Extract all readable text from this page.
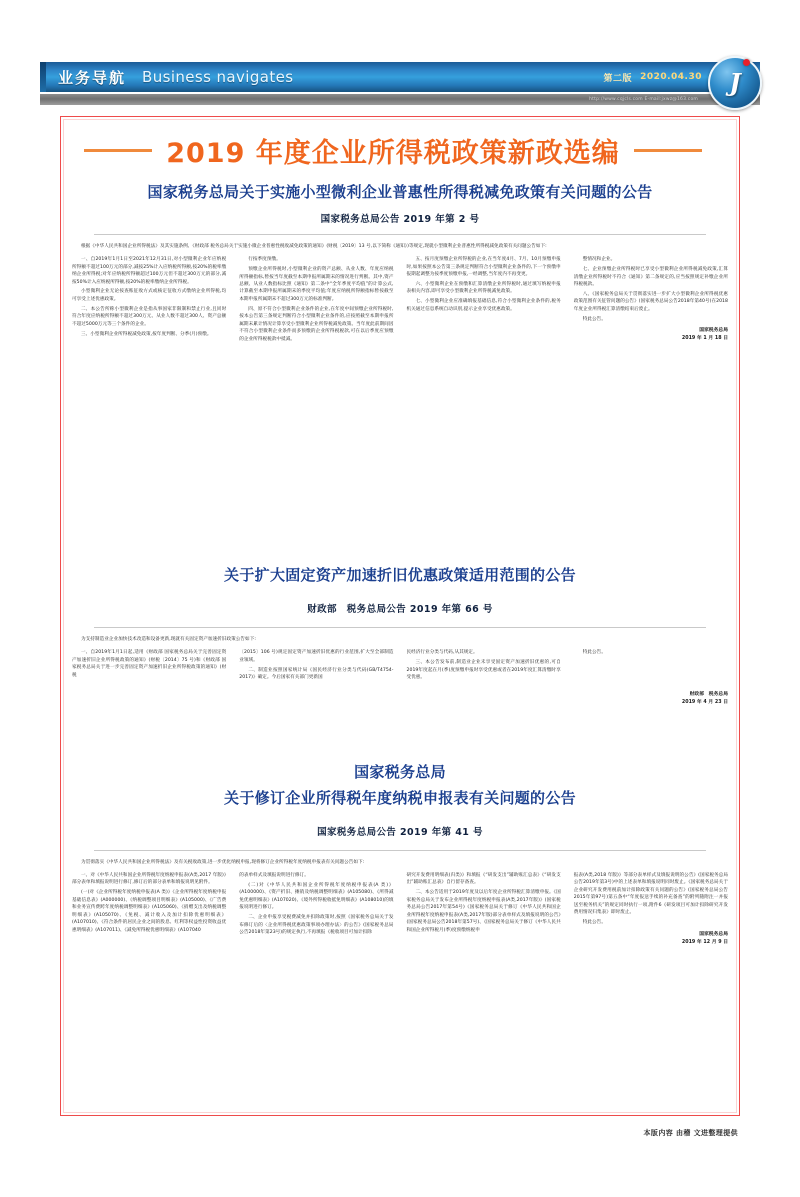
业务导航 Business navigates	第二版 2020.04.30
http://www.cqjcls.com E-mail:jxwz@163.com
J
2019 年度企业所得税政策新政选编
国家税务总局关于实施小型微利企业普惠性所得税减免政策有关问题的公告
国家税务总局公告 2019 年第 2 号

根据《中华人民共和国企业所得税法》及其实施条例、《财政部 税务总局关于实施小微企业普惠性税收减免政策的通知》(财税〔2019〕13 号,以下简称《通知》)等规定,现就小型微利企业普惠性所得税减免政策有关问题公告如下:

一、自2019年1月1日至2021年12月31日,对小型微利企业年应纳税所得额不超过100万元的部分,减按25%计入应纳税所得额,按20%的税率缴纳企业所得税;对年应纳税所得额超过100万元但不超过300万元的部分,减按50%计入应纳税所得额,按20%的税率缴纳企业所得税。

小型微利企业无论按查账征收方式或核定征收方式缴纳企业所得税,均可享受上述优惠政策。

二、本公告所称小型微利企业是指从事国家非限制和禁止行业,且同时符合年度应纳税所得额不超过300万元、从业人数不超过300人、资产总额不超过5000万元等三个条件的企业。

三、小型微利企业所得税减免政策,按年度判断、分季(月)预缴。

行按季度预缴。

预缴企业所得税时,小型微利企业的资产总额、从业人数、年度应纳税所得额指标,暂按当年度截至本期申报所属期末的情况进行判断。其中,资产总额、从业人数指标比照《通知》第二条中“全年季度平均值”的计算公式,计算截至本期申报所属期末的季度平均值;年度应纳税所得额指标暂按截至本期申报所属期末不超过300万元的标准判断。

四、原不符合小型微利企业条件的企业,在年度中间预缴企业所得税时,按本公告第三条规定判断符合小型微利企业条件的,应按照截至本期申报所属期末累计情况计算享受小型微利企业所得税减免政策。当年度此前期间因不符合小型微利企业条件而多预缴的企业所得税税款,可在以后季度应预缴的企业所得税税款中抵减。

五、按月度预缴企业所得税的企业,在当年度4月、7月、10月预缴申报时,如果按照本公告第三条规定判断符合小型微利企业条件的,下一个预缴申报期起调整为按季度预缴申报,一经调整,当年度内不再变更。

六、小型微利企业在预缴和汇算清缴企业所得税时,通过填写纳税申报表相关内容,即可享受小型微利企业所得税减免政策。

七、小型微利企业应准确填报基础信息,符合小型微利企业条件的,税务机关通过信息系统自动识别,提示企业享受优惠政策。

整情况和企业。

七、企业预缴企业所得税时已享受小型微利企业所得税减免政策,汇算清缴企业所得税时不符合《通知》第二条规定的,应当按照规定补缴企业所得税税款。

八、《国家税务总局关于贯彻落实进一步扩大小型微利企业所得税优惠政策范围有关征管问题的公告》(国家税务总局公告2018年第40号)在2018年度企业所得税汇算清缴结束后废止。

特此公告。

国家税务总局
2019 年 1 月 18 日
关于扩大固定资产加速折旧优惠政策适用范围的公告
财政部　税务总局公告 2019 年第 66 号

为支持制造业企业加快技术改造和设备更新,现就有关固定资产加速折旧政策公告如下:

一、自2019年1月1日起,适用《财政部 国家税务总局关于完善固定资产加速折旧企业所得税政策的通知》(财税〔2014〕75 号)和《财政部 国家税务总局关于进一步完善固定资产加速折旧企业所得税政策的通知》(财税

〔2015〕106 号)规定固定资产加速折旧优惠的行业范围,扩大至全部制造业领域。

二、制造业按照国家统计局《国民经济行业分类与代码(GB/T4754-2017)》确定。今后国家有关部门更新国

民经济行业分类与代码,从其规定。

三、本公告发布前,制造业企业未享受固定资产加速折旧优惠的,可自2019年度起在月(季)度预缴申报时享受优惠或者在2019年度汇算清缴时享受优惠。

特此公告。

财政部　税务总局
2019 年 4 月 23 日
国家税务总局
关于修订企业所得税年度纳税申报表有关问题的公告
国家税务总局公告 2019 年第 41 号

为贯彻落实《中华人民共和国企业所得税法》及有关税收政策,进一步优化纳税申报,现将修订企业所得税年度纳税申报表有关问题公告如下:

一、对《中华人民共和国企业所得税年度纳税申报表(A类,2017 年版)》部分表单和填报说明进行修订,修订后的部分表单和填报说明见附件。

(一)对《企业所得税年度纳税申报表(A 类)》《企业所得税年度纳税申报基础信息表》(A000000)、《纳税调整项目明细表》(A105000)、《广告费和业务宣传费跨年度纳税调整明细表》(A105060)、《捐赠支出及纳税调整明细表》(A105070)、《免税、减计收入及加计扣除优惠明细表》(A107010)、《符合条件的居民企业之间的股息、红利等权益性投资收益优惠明细表》(A107011)、《减免所得税优惠明细表》(A107040

的表单样式及填报说明进行修订。

(二)对《中华人民共和国企业所得税年度纳税申报表(A 类)》(A100000)、《资产折旧、摊销及纳税调整明细表》(A105080)、《所得减免优惠明细表》(A107020)、《境外所得税收抵免明细表》(A108010)的填报说明进行修订。

二、企业申报享受税费减免并扣除政策时,按照《国家税务总局关于发布修订后的〈企业所得税优惠政策事项办理办法〉的公告》(国家税务总局公告2018年第23号)的规定执行,不再填报《税收项目可加计扣除

研究开发费用明细表(归类)》和填报《“研发支出”辅助账汇总表》《“研发支出”辅助账汇总表》自行留存备查。

二、本公告适用于2019年度及以后年度企业所得税汇算清缴申报。《国家税务总局关于发布企业所得税年度纳税申报表(A类,2017年版)》(国家税务总局公告2017年第54号)《国家税务总局关于修订《中华人民共和国企业所得税年度纳税申报表(A类,2017年版)部分表单样式及填报说明的公告》(国家税务总局公告2018年第57号)、《国家税务总局关于修订《中华人民共和国企业所得税月(季)度预缴纳税申

报表(A类,2018 年版)》等部分表单样式及填报说明的公告》(国家税务总局公告2019年第3号)中的上述表单和填报说明同时废止。《国家税务总局关于企业研究开发费用税前加计扣除政策有关问题的公告》(国家税务总局公告2015年第97号)第五条中“年度报送手续的补充备查”的附列随附注一并报送至税务机关”的规定同时执行一项,附件6《研发项目可加计扣除研究开发费用情况归集表》即时废止。

特此公告。

国家税务总局
2019 年 12 月 9 日
本版内容 由稽 文进整理提供
